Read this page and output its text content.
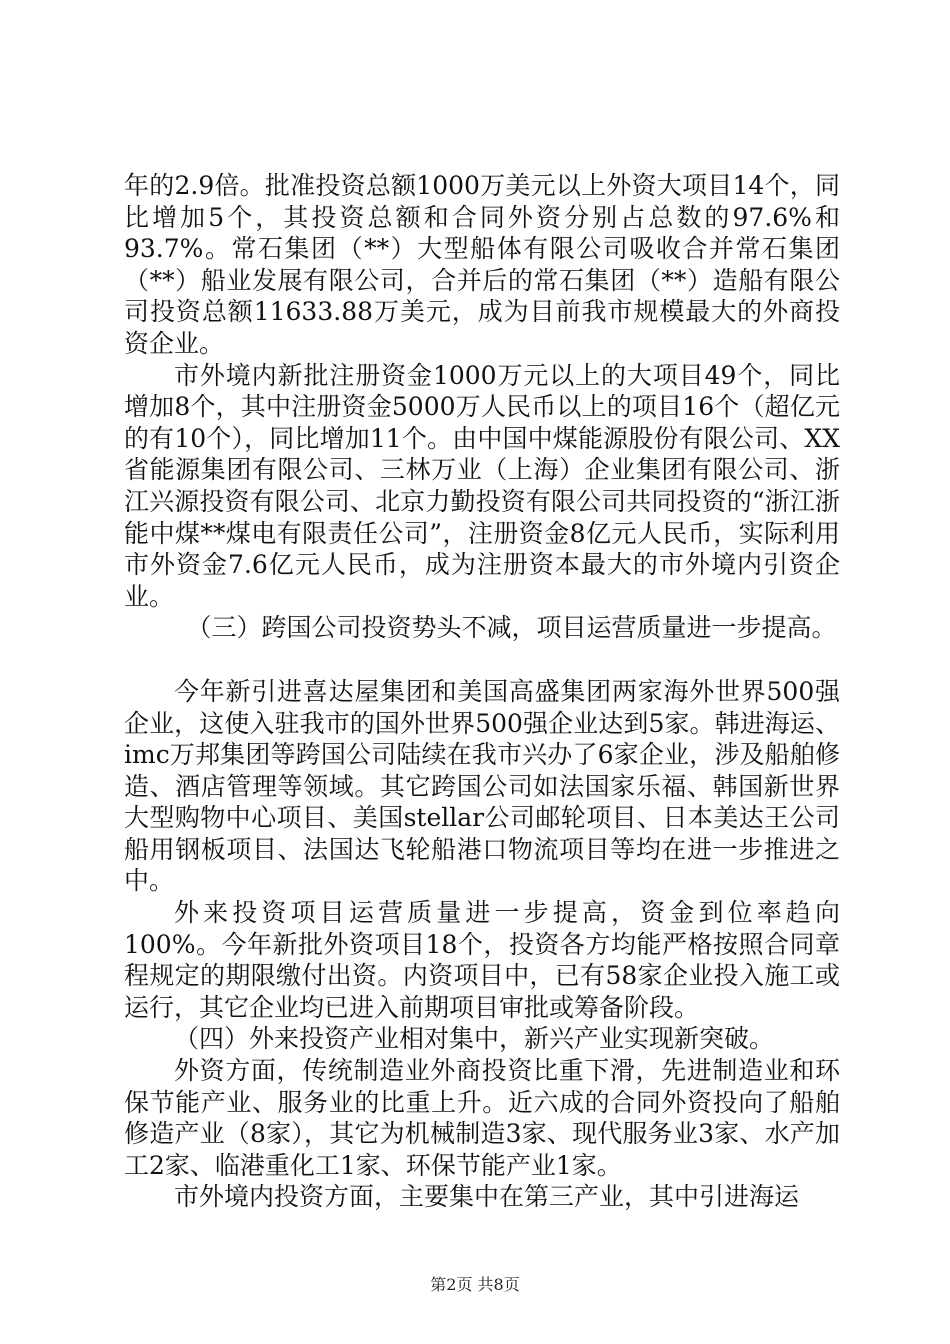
年的2.9倍。批准投资总额1000万美元以上外资大项目14个，同比增加5个，其投资总额和合同外资分别占总数的97.6%和93.7%。常石集团（**）大型船体有限公司吸收合并常石集团（**）船业发展有限公司，合并后的常石集团（**）造船有限公司投资总额11633.88万美元，成为目前我市规模最大的外商投资企业。

市外境内新批注册资金1000万元以上的大项目49个，同比增加8个，其中注册资金5000万人民币以上的项目16个（超亿元的有10个），同比增加11个。由中国中煤能源股份有限公司、XX省能源集团有限公司、三林万业（上海）企业集团有限公司、浙江兴源投资有限公司、北京力勤投资有限公司共同投资的“浙江浙能中煤**煤电有限责任公司”，注册资金8亿元人民币，实际利用市外资金7.6亿元人民币，成为注册资本最大的市外境内引资企业。

（三）跨国公司投资势头不减，项目运营质量进一步提高。

今年新引进喜达屋集团和美国高盛集团两家海外世界500强企业，这使入驻我市的国外世界500强企业达到5家。韩进海运、imc万邦集团等跨国公司陆续在我市兴办了6家企业，涉及船舶修造、酒店管理等领域。其它跨国公司如法国家乐福、韩国新世界大型购物中心项目、美国stellar公司邮轮项目、日本美达王公司船用钢板项目、法国达飞轮船港口物流项目等均在进一步推进之中。

外来投资项目运营质量进一步提高，资金到位率趋向100%。今年新批外资项目18个，投资各方均能严格按照合同章程规定的期限缴付出资。内资项目中，已有58家企业投入施工或运行，其它企业均已进入前期项目审批或筹备阶段。

（四）外来投资产业相对集中，新兴产业实现新突破。

外资方面，传统制造业外商投资比重下滑，先进制造业和环保节能产业、服务业的比重上升。近六成的合同外资投向了船舶修造产业（8家），其它为机械制造3家、现代服务业3家、水产加工2家、临港重化工1家、环保节能产业1家。

市外境内投资方面，主要集中在第三产业，其中引进海运

第2页 共8页
